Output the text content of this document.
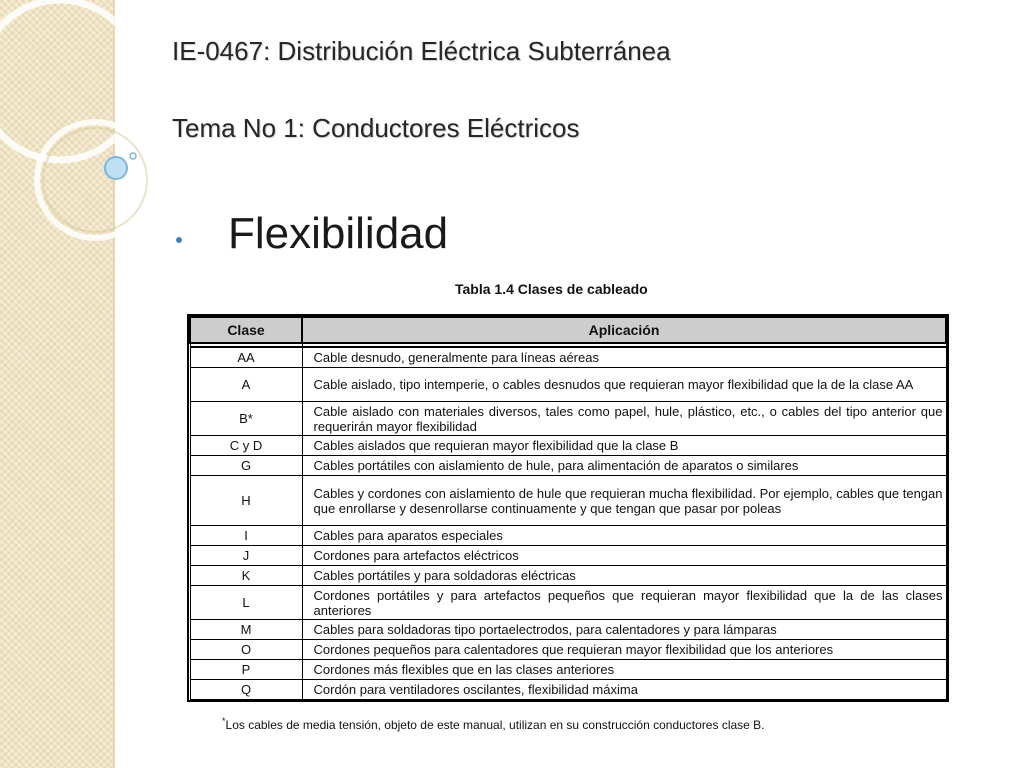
IE-0467: Distribución Eléctrica Subterránea
Tema No 1: Conductores Eléctricos
Flexibilidad
Tabla 1.4 Clases de cableado
Clase	Aplicación

AA	Cable desnudo, generalmente para líneas aéreas
A	Cable aislado, tipo intemperie, o cables desnudos que requieran mayor flexibilidad que la de la clase AA
B*	Cable aislado con materiales diversos, tales como papel, hule, plástico, etc., o cables del tipo anterior que requerirán mayor flexibilidad
C y D	Cables aislados que requieran mayor flexibilidad que la clase B
G	Cables portátiles con aislamiento de hule, para alimentación de aparatos o similares
H	Cables y cordones con aislamiento de hule que requieran mucha flexibilidad. Por ejemplo, cables que tengan que enrollarse y desenrollarse continuamente y que tengan que pasar por poleas
I	Cables para aparatos especiales
J	Cordones para artefactos eléctricos
K	Cables portátiles y para soldadoras eléctricas
L	Cordones portátiles y para artefactos pequeños que requieran mayor flexibilidad que la de las clases anteriores
M	Cables para soldadoras tipo portaelectrodos, para calentadores y para lámparas
O	Cordones pequeños para calentadores que requieran mayor flexibilidad que los anteriores
P	Cordones más flexibles que en las clases anteriores
Q	Cordón para ventiladores oscilantes, flexibilidad máxima
*Los cables de media tensión, objeto de este manual, utilizan en su construcción conductores clase B.
